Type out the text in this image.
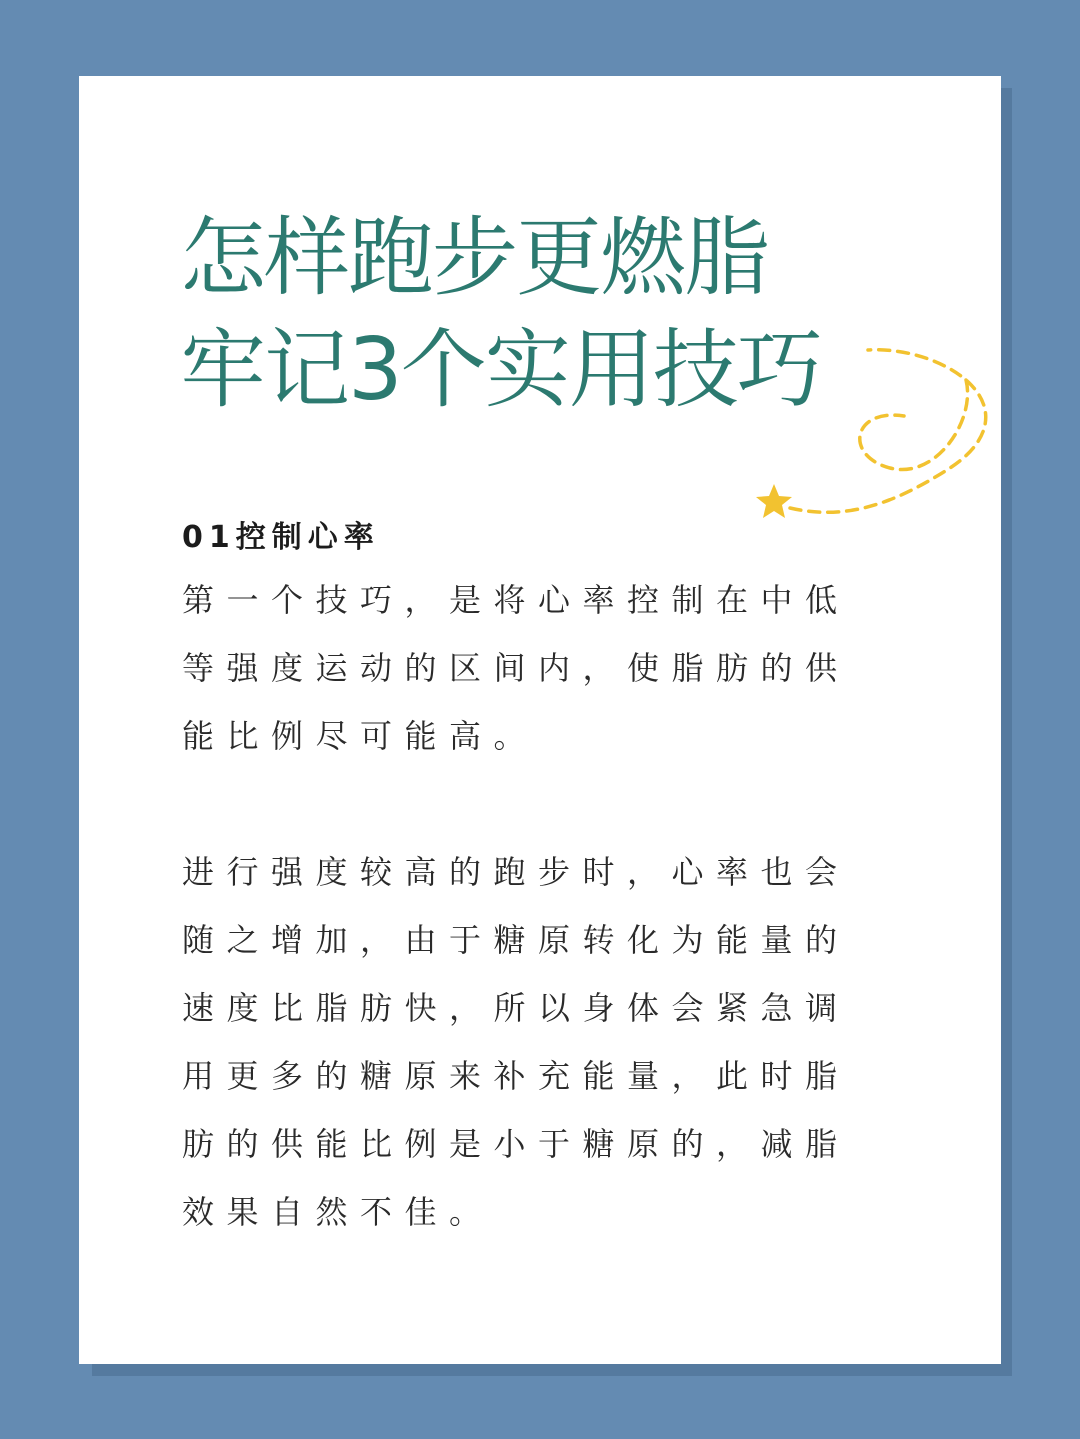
怎样跑步更燃脂
牢记3个实用技巧
01控制心率
第一个技巧，是将心率控制在中低
等强度运动的区间内，使脂肪的供
能比例尽可能高。
进行强度较高的跑步时，心率也会
随之增加，由于糖原转化为能量的
速度比脂肪快，所以身体会紧急调
用更多的糖原来补充能量，此时脂
肪的供能比例是小于糖原的，减脂
效果自然不佳。
